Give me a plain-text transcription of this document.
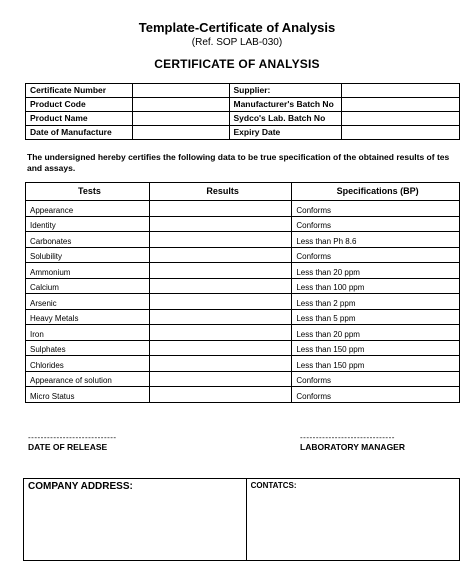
Template-Certificate of Analysis
(Ref. SOP LAB-030)
CERTIFICATE OF ANALYSIS
Certificate Number		Supplier:	
Product Code		Manufacturer's Batch No	
Product Name		Sydco's Lab. Batch No	
Date of Manufacture		Expiry Date	
The undersigned hereby certifies the following data to be true specification of the obtained results of tes
and assays.
Tests	Results	Specifications (BP)
Appearance		Conforms
Identity		Conforms
Carbonates		Less than Ph 8.6
Solubility		Conforms
Ammonium		Less than 20 ppm
Calcium		Less than 100 ppm
Arsenic		Less than 2 ppm
Heavy Metals		Less than 5 ppm
Iron		Less than 20 ppm
Sulphates		Less than 150 ppm
Chlorides		Less than 150 ppm
Appearance of solution		Conforms
Micro Status		Conforms
----------------------------
DATE OF RELEASE
------------------------------
LABORATORY MANAGER
COMPANY ADDRESS:	CONTATCS:
